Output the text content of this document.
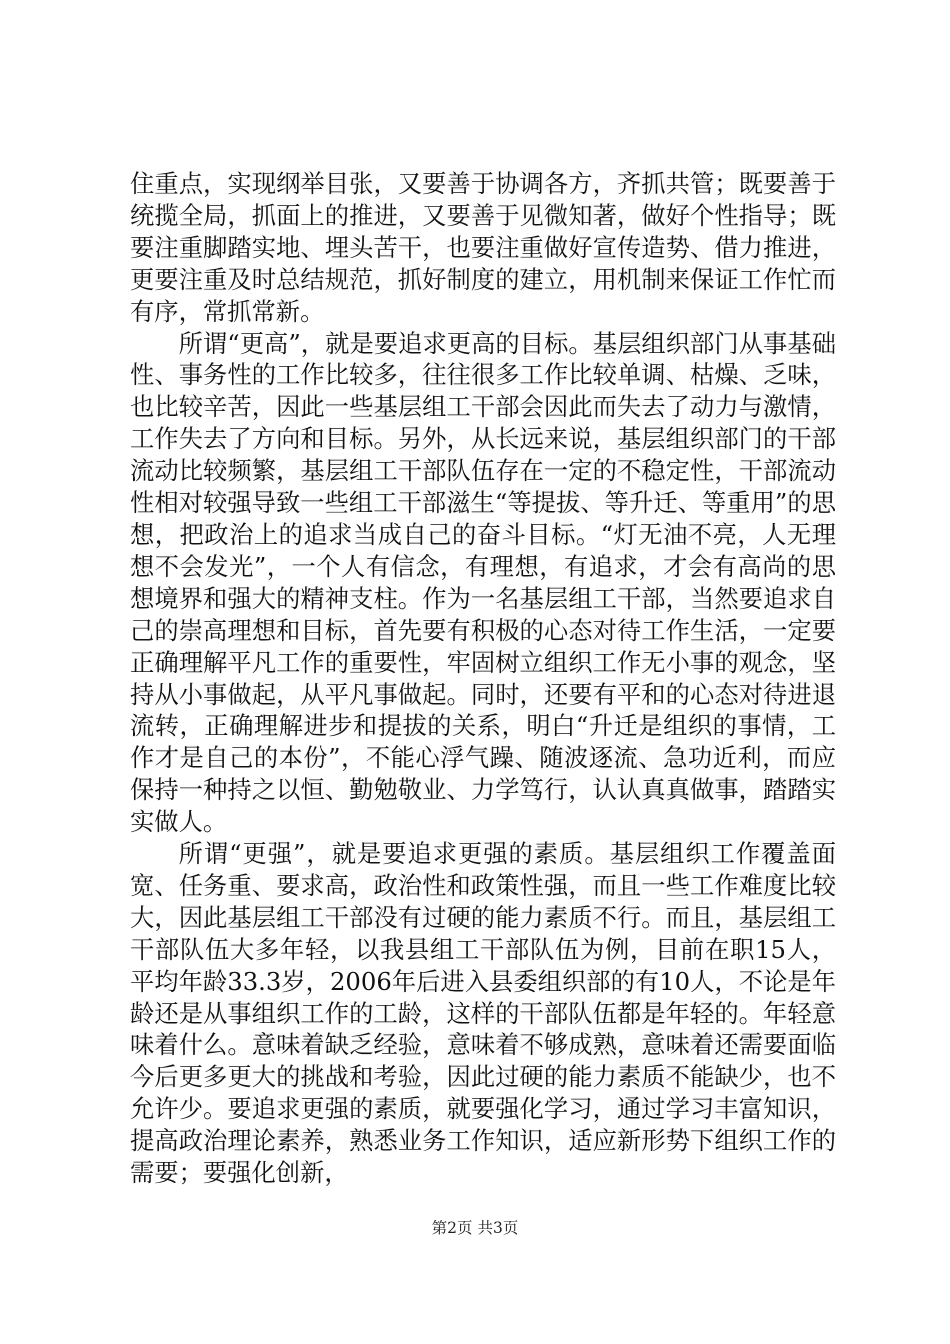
住重点，实现纲举目张，又要善于协调各方，齐抓共管；既要善于统揽全局，抓面上的推进，又要善于见微知著，做好个性指导；既要注重脚踏实地、埋头苦干，也要注重做好宣传造势、借力推进，更要注重及时总结规范，抓好制度的建立，用机制来保证工作忙而有序，常抓常新。

所谓“更高”，就是要追求更高的目标。基层组织部门从事基础性、事务性的工作比较多，往往很多工作比较单调、枯燥、乏味，也比较辛苦，因此一些基层组工干部会因此而失去了动力与激情，工作失去了方向和目标。另外，从长远来说，基层组织部门的干部流动比较频繁，基层组工干部队伍存在一定的不稳定性，干部流动性相对较强导致一些组工干部滋生“等提拔、等升迁、等重用”的思想，把政治上的追求当成自己的奋斗目标。“灯无油不亮，人无理想不会发光”，一个人有信念，有理想，有追求，才会有高尚的思想境界和强大的精神支柱。作为一名基层组工干部，当然要追求自己的崇高理想和目标，首先要有积极的心态对待工作生活，一定要正确理解平凡工作的重要性，牢固树立组织工作无小事的观念，坚持从小事做起，从平凡事做起。同时，还要有平和的心态对待进退流转，正确理解进步和提拔的关系，明白“升迁是组织的事情，工作才是自己的本份”，不能心浮气躁、随波逐流、急功近利，而应保持一种持之以恒、勤勉敬业、力学笃行，认认真真做事，踏踏实实做人。

所谓“更强”，就是要追求更强的素质。基层组织工作覆盖面宽、任务重、要求高，政治性和政策性强，而且一些工作难度比较大，因此基层组工干部没有过硬的能力素质不行。而且，基层组工干部队伍大多年轻，以我县组工干部队伍为例，目前在职15人，平均年龄33.3岁，2006年后进入县委组织部的有10人，不论是年龄还是从事组织工作的工龄，这样的干部队伍都是年轻的。年轻意味着什么。意味着缺乏经验，意味着不够成熟，意味着还需要面临今后更多更大的挑战和考验，因此过硬的能力素质不能缺少，也不允许少。要追求更强的素质，就要强化学习，通过学习丰富知识，提高政治理论素养，熟悉业务工作知识，适应新形势下组织工作的需要；要强化创新，

第2页 共3页
